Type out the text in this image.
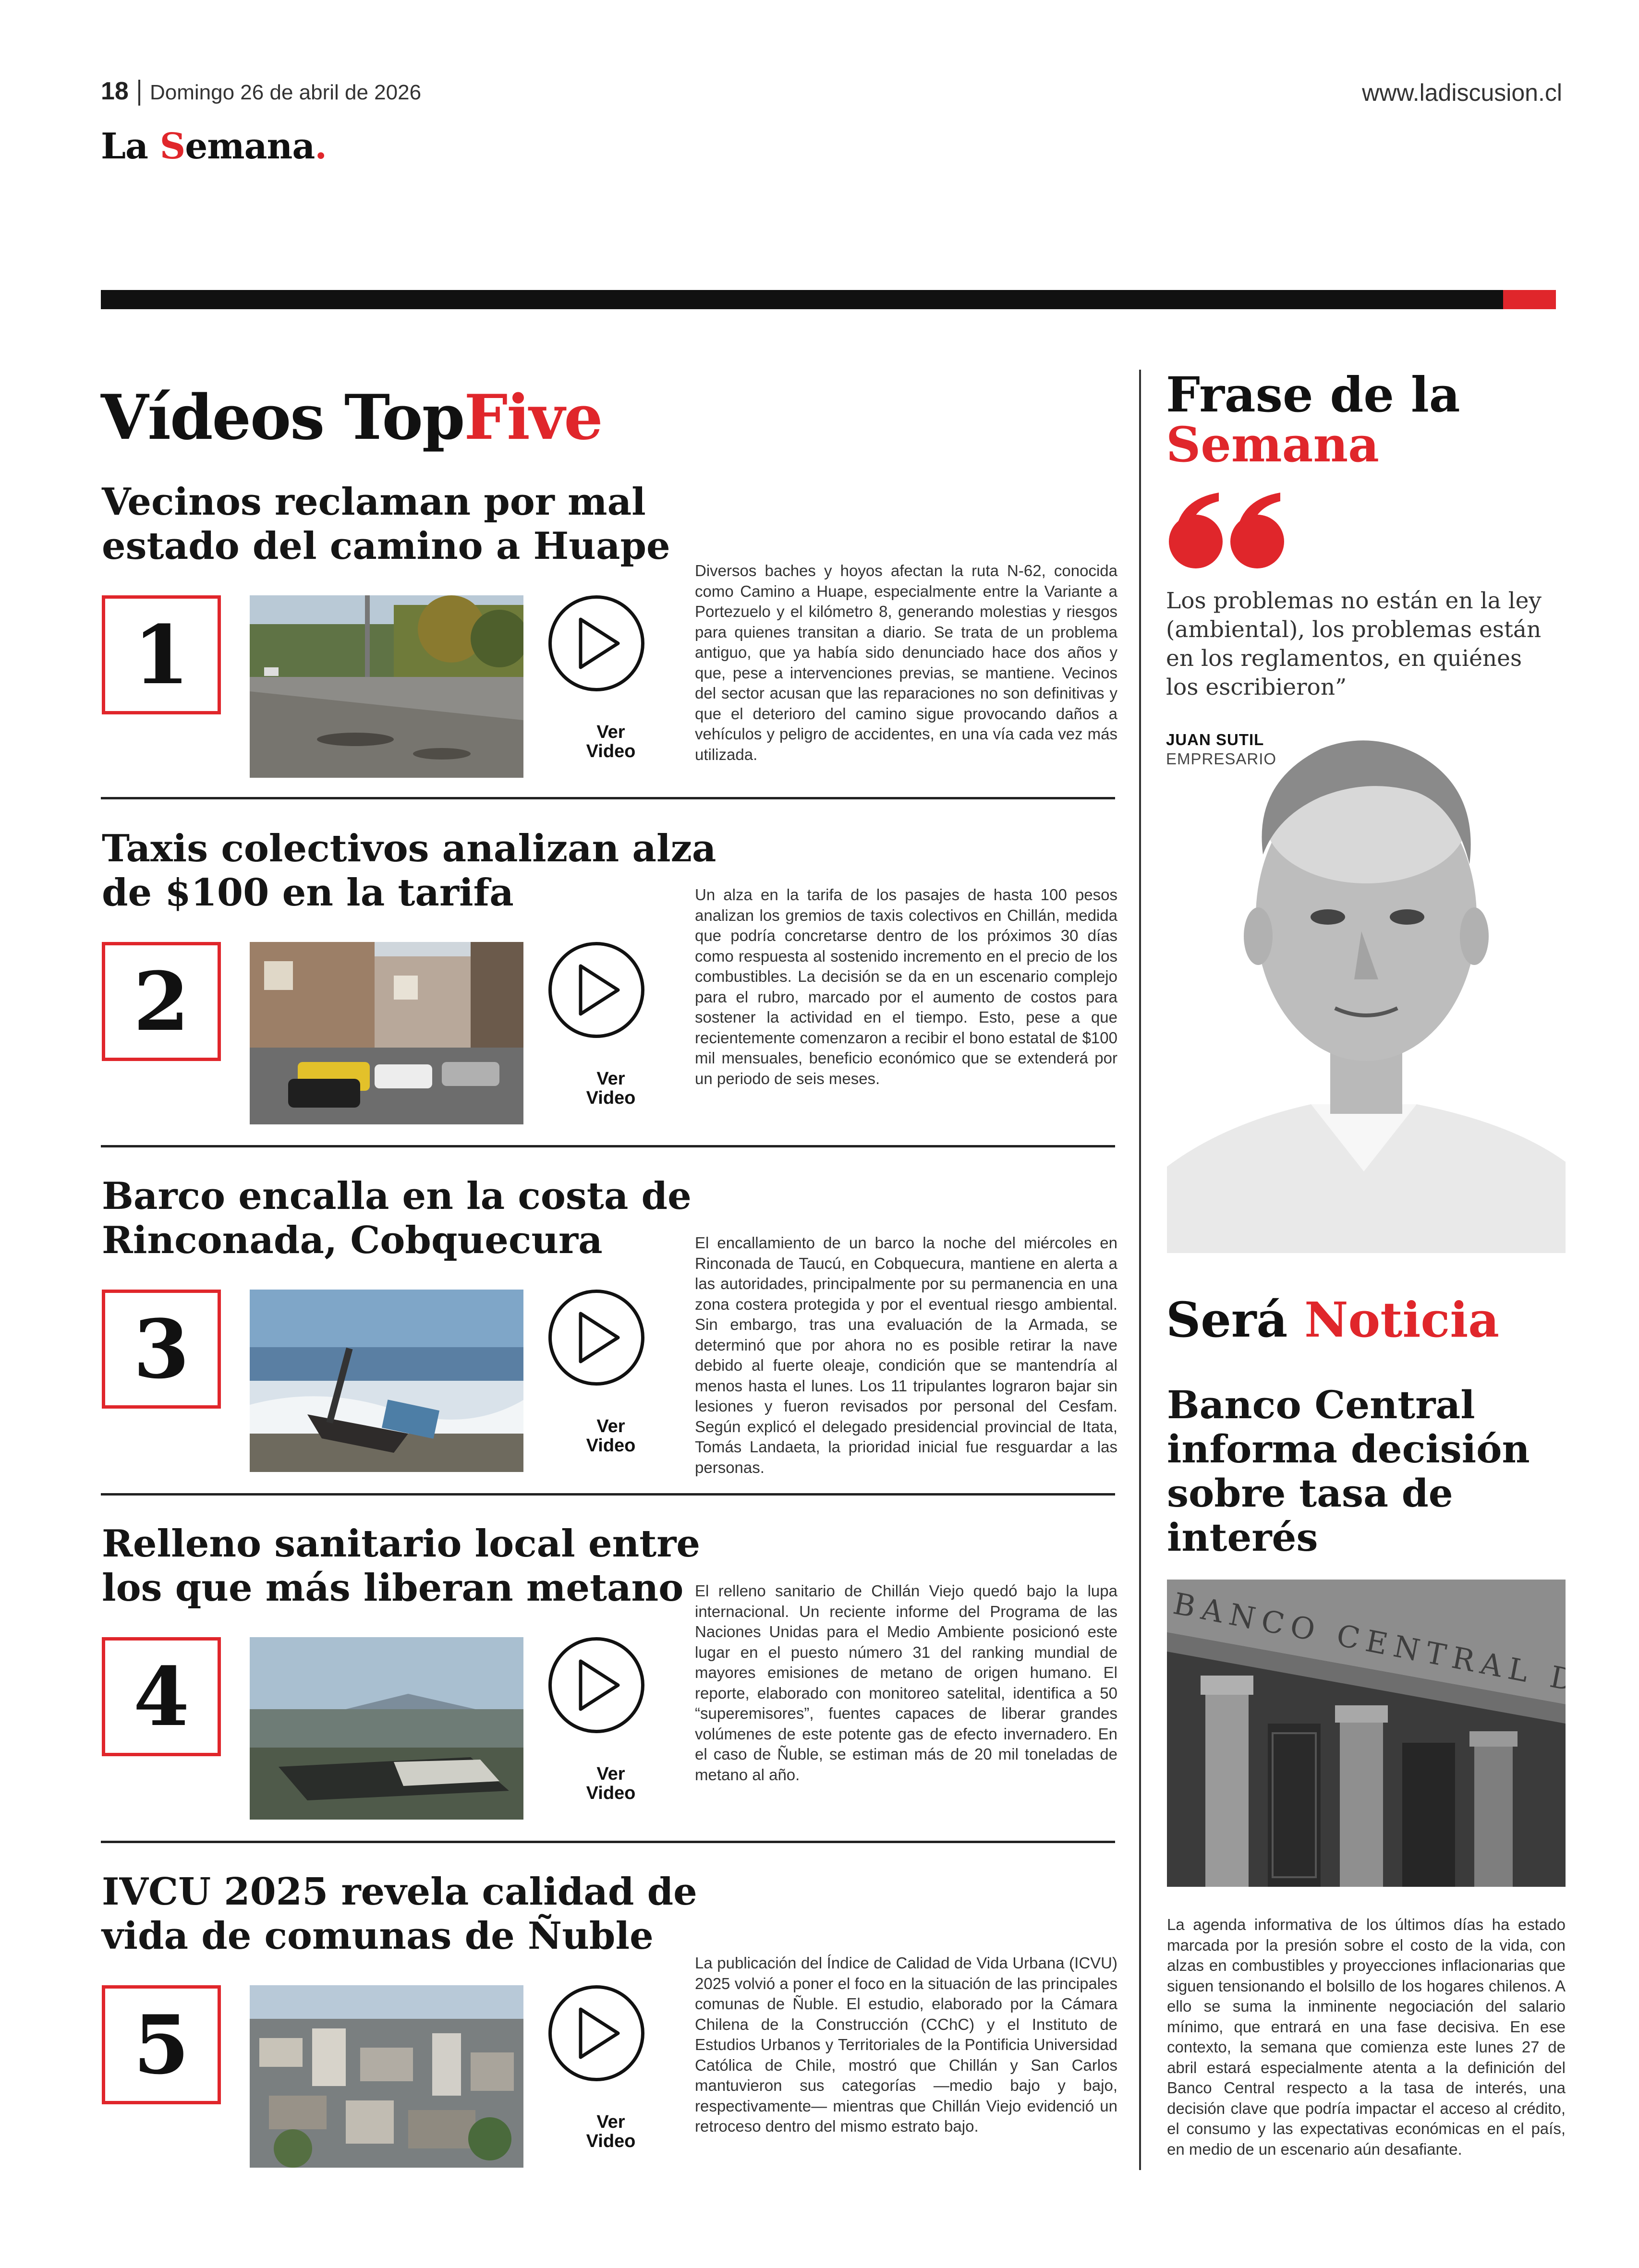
18 Domingo 26 de abril de 2026	www.ladiscusion.cl
La Semana.
Vídeos TopFive
Vecinos reclaman por mal estado del camino a Huape
1
Ver
Video
Diversos baches y hoyos afectan la ruta N-62, conocida como Camino a Huape, especialmente entre la Variante a Portezuelo y el kilómetro 8, generando molestias y riesgos para quienes transitan a diario. Se trata de un problema antiguo, que ya había sido denunciado hace dos años y que, pese a intervenciones previas, se mantiene. Vecinos del sector acusan que las reparaciones no son definitivas y que el deterioro del camino sigue provocando daños a vehículos y peligro de accidentes, en una vía cada vez más utilizada.
Taxis colectivos analizan alza de $100 en la tarifa
2
Ver
Video
Un alza en la tarifa de los pasajes de hasta 100 pesos analizan los gremios de taxis colectivos en Chillán, medida que podría concretarse dentro de los próximos 30 días como respuesta al sostenido incremento en el precio de los combustibles. La decisión se da en un escenario complejo para el rubro, marcado por el aumento de costos para sostener la actividad en el tiempo. Esto, pese a que recientemente comenzaron a recibir el bono estatal de $100 mil mensuales, beneficio económico que se extenderá por un periodo de seis meses.
Barco encalla en la costa de Rinconada, Cobquecura
3
Ver
Video
El encallamiento de un barco la noche del miércoles en Rinconada de Taucú, en Cobquecura, mantiene en alerta a las autoridades, principalmente por su permanencia en una zona costera protegida y por el eventual riesgo ambiental. Sin embargo, tras una evaluación de la Armada, se determinó que por ahora no es posible retirar la nave debido al fuerte oleaje, condición que se mantendría al menos hasta el lunes. Los 11 tripulantes lograron bajar sin lesiones y fueron revisados por personal del Cesfam. Según explicó el delegado presidencial provincial de Itata, Tomás Landaeta, la prioridad inicial fue resguardar a las personas.
Relleno sanitario local entre los que más liberan metano
4
Ver
Video
El relleno sanitario de Chillán Viejo quedó bajo la lupa internacional. Un reciente informe del Programa de las Naciones Unidas para el Medio Ambiente posicionó este lugar en el puesto número 31 del ranking mundial de mayores emisiones de metano de origen humano. El reporte, elaborado con monitoreo satelital, identifica a 50 “superemisores”, fuentes capaces de liberar grandes volúmenes de este potente gas de efecto invernadero. En el caso de Ñuble, se estiman más de 20 mil toneladas de metano al año.
IVCU 2025 revela calidad de vida de comunas de Ñuble
5
Ver
Video
La publicación del Índice de Calidad de Vida Urbana (ICVU) 2025 volvió a poner el foco en la situación de las principales comunas de Ñuble. El estudio, elaborado por la Cámara Chilena de la Construcción (CChC) y el Instituto de Estudios Urbanos y Territoriales de la Pontificia Universidad Católica de Chile, mostró que Chillán y San Carlos mantuvieron sus categorías —medio bajo y bajo, respectivamente— mientras que Chillán Viejo evidenció un retroceso dentro del mismo estrato bajo.
Frase de la
Semana
Los problemas no están en la ley (ambiental), los problemas están en los reglamentos, en quiénes los escribieron”
JUAN SUTIL
EMPRESARIO
Será Noticia
Banco Central informa decisión sobre tasa de interés
La agenda informativa de los últimos días ha estado marcada por la presión sobre el costo de la vida, con alzas en combustibles y proyecciones inflacionarias que siguen tensionando el bolsillo de los hogares chilenos. A ello se suma la inminente negociación del salario mínimo, que entrará en una fase decisiva. En ese contexto, la semana que comienza este lunes 27 de abril estará especialmente atenta a la definición del Banco Central respecto a la tasa de interés, una decisión clave que podría impactar el acceso al crédito, el consumo y las expectativas económicas en el país, en medio de un escenario aún desafiante.
